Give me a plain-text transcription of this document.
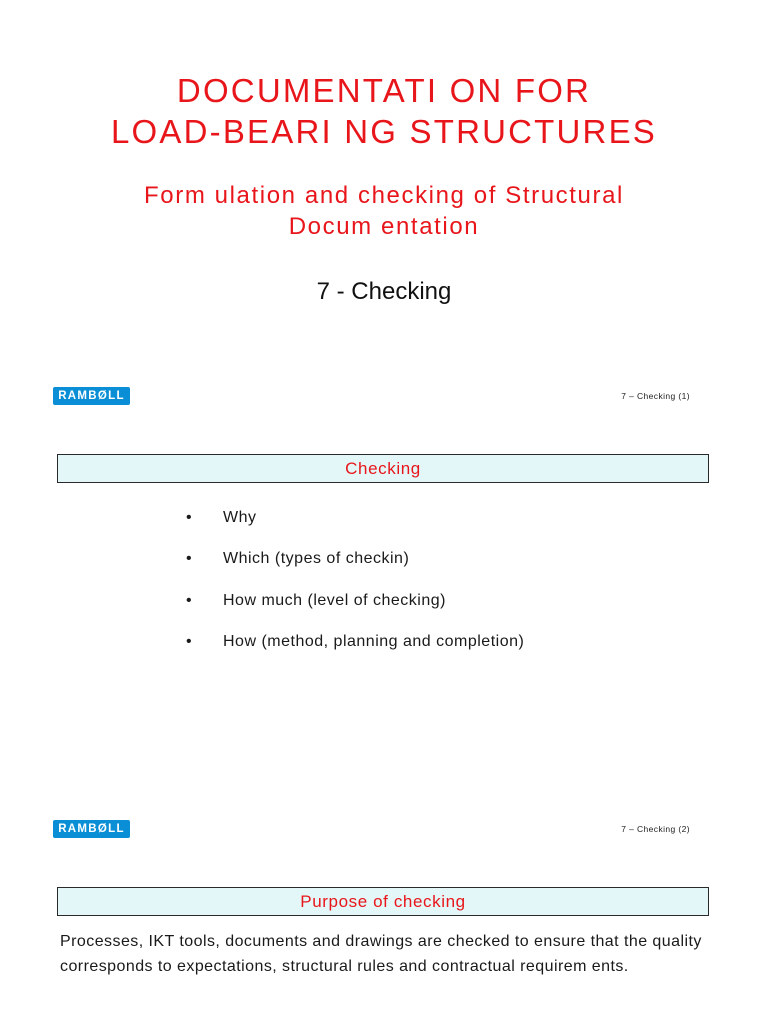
DOCUMENTATI ON FOR
LOAD-BEARI NG STRUCTURES
Form ulation and checking of Structural
Docum entation
7 - Checking
RAMBØLL	7 – Checking (1)
Checking
• Why
• Which (types of checkin)
• How much (level of checking)
• How (method, planning and completion)
RAMBØLL	7 – Checking (2)
Purpose of checking

Processes, IKT tools, documents and drawings are checked to ensure that the quality corresponds to expectations, structural rules and contractual requirem ents.
